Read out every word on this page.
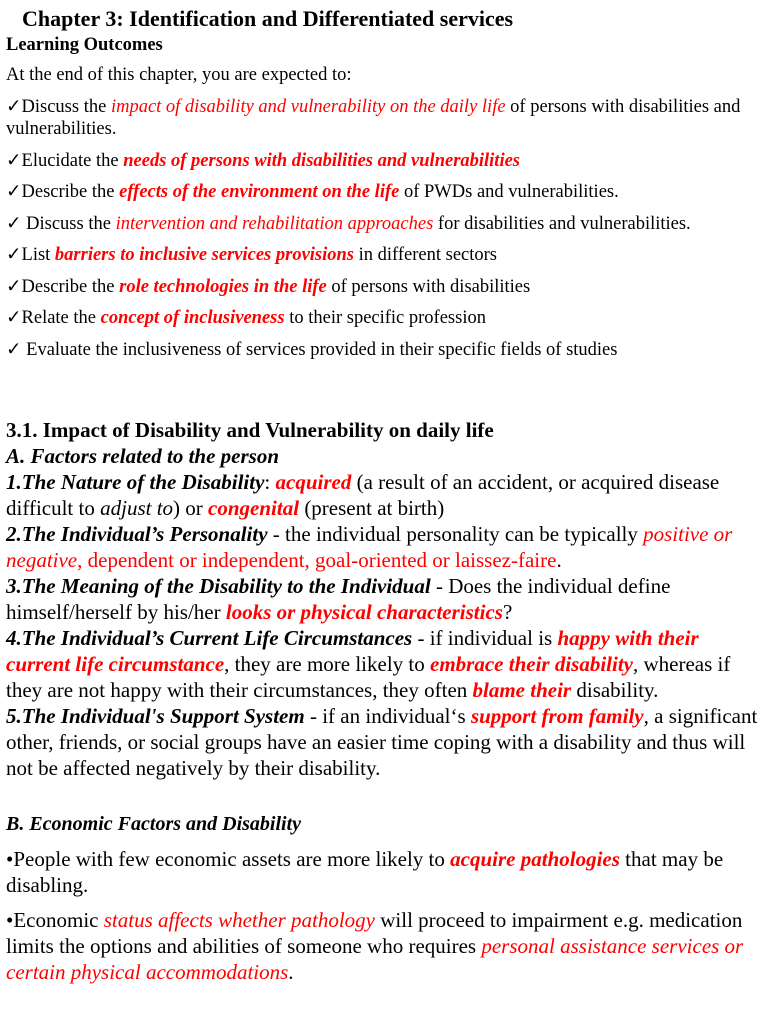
Chapter 3: Identification and Differentiated services

Learning Outcomes

At the end of this chapter, you are expected to:

✓Discuss the impact of disability and vulnerability on the daily life of persons with disabilities and vulnerabilities.

✓Elucidate the needs of persons with disabilities and vulnerabilities

✓Describe the effects of the environment on the life of PWDs and vulnerabilities.

✓ Discuss the intervention and rehabilitation approaches for disabilities and vulnerabilities.

✓List barriers to inclusive services provisions in different sectors

✓Describe the role technologies in the life of persons with disabilities

✓Relate the concept of inclusiveness to their specific profession

✓ Evaluate the inclusiveness of services provided in their specific fields of studies

3.1. Impact of Disability and Vulnerability on daily life

A. Factors related to the person

1.The Nature of the Disability: acquired (a result of an accident, or acquired disease difficult to adjust to) or congenital (present at birth)

2.The Individual’s Personality - the individual personality can be typically positive or negative, dependent or independent, goal-oriented or laissez-faire.

3.The Meaning of the Disability to the Individual - Does the individual define himself/herself by his/her looks or physical characteristics?

4.The Individual’s Current Life Circumstances - if individual is happy with their current life circumstance, they are more likely to embrace their disability, whereas if they are not happy with their circumstances, they often blame their disability.

5.The Individual's Support System - if an individual‘s support from family, a significant other, friends, or social groups have an easier time coping with a disability and thus will not be affected negatively by their disability.

B. Economic Factors and Disability

•People with few economic assets are more likely to acquire pathologies that may be disabling.

•Economic status affects whether pathology will proceed to impairment e.g. medication limits the options and abilities of someone who requires personal assistance services or certain physical accommodations.
